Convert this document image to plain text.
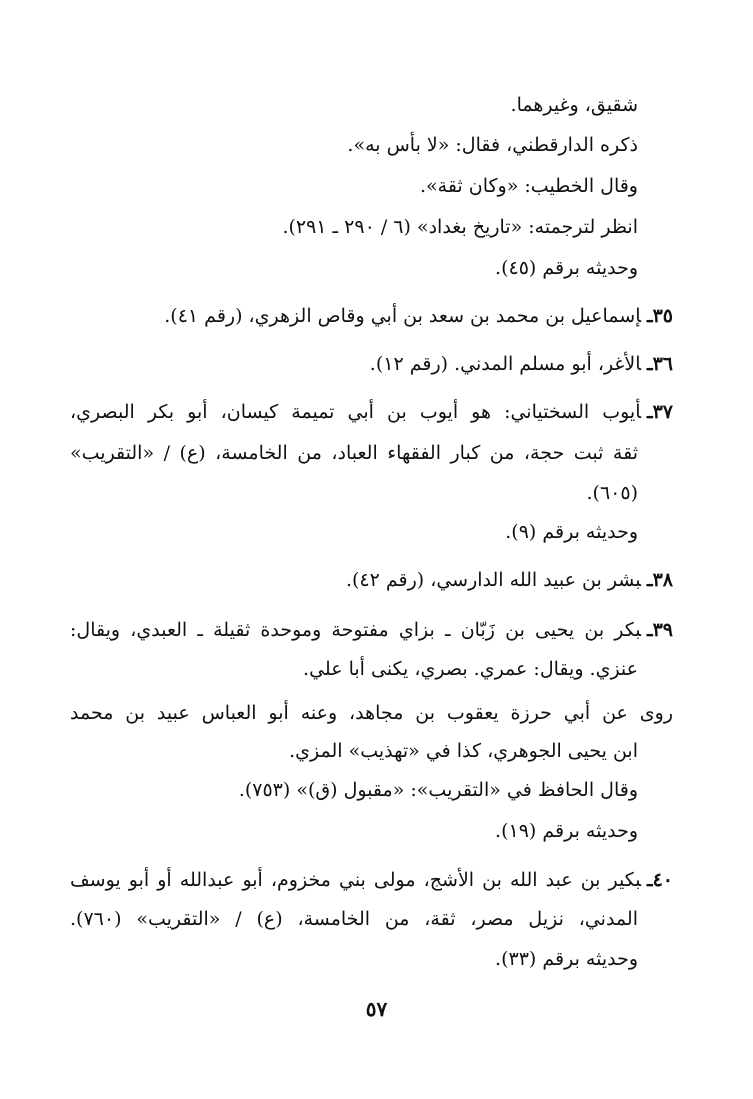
شقيق، وغيرهما.
ذكره الدارقطني، فقال: «لا بأس به».
وقال الخطيب: «وكان ثقة».
انظر لترجمته: «تاريخ بغداد» (٦ / ٢٩٠ ـ ٢٩١).
وحديثه برقم (٤٥).
٣٥ـإسماعيل بن محمد بن سعد بن أبي وقاص الزهري، (رقم ٤١).
٣٦ـالأغر، أبو مسلم المدني. (رقم ١٢).
٣٧ـأيوب السختياني: هو أيوب بن أبي تميمة كيسان، أبو بكر البصري،
ثقة ثبت حجة، من كبار الفقهاء العباد، من الخامسة، (ع) / «التقريب»
(٦٠٥).
وحديثه برقم (٩).
٣٨ـبشر بن عبيد الله الدارسي، (رقم ٤٢).
٣٩ـبكر بن يحيى بن زَبّان ـ بزاي مفتوحة وموحدة ثقيلة ـ العبدي، ويقال:
عنزي. ويقال: عمري. بصري، يكنى أبا علي.
روى عن أبي حرزة يعقوب بن مجاهد، وعنه أبو العباس عبيد بن محمد
ابن يحيى الجوهري، كذا في «تهذيب» المزي.
وقال الحافظ في «التقريب»: «مقبول (ق)» (٧٥٣).
وحديثه برقم (١٩).
٤٠ـبكير بن عبد الله بن الأشج، مولى بني مخزوم، أبو عبدالله أو أبو يوسف
المدني، نزيل مصر، ثقة، من الخامسة، (ع) / «التقريب» (٧٦٠).
وحديثه برقم (٣٣).
٥٧
